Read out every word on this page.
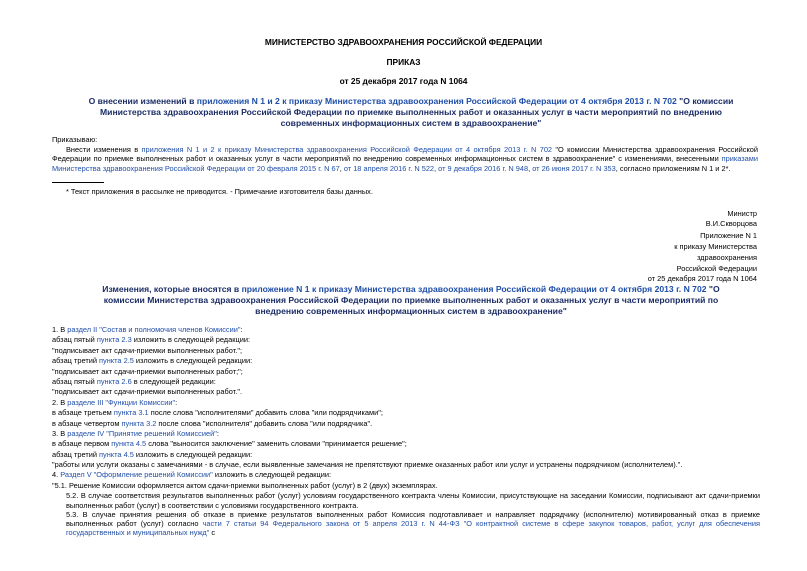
МИНИСТЕРСТВО ЗДРАВООХРАНЕНИЯ РОССИЙСКОЙ ФЕДЕРАЦИИ
ПРИКАЗ
от 25 декабря 2017 года N 1064
О внесении изменений в приложения N 1 и 2 к приказу Министерства здравоохранения Российской Федерации от 4 октября 2013 г. N 702 "О комиссии Министерства здравоохранения Российской Федерации по приемке выполненных работ и оказанных услуг в части мероприятий по внедрению современных информационных систем в здравоохранение"
Приказываю:
Внести изменения в приложения N 1 и 2 к приказу Министерства здравоохранения Российской Федерации от 4 октября 2013 г. N 702 "О комиссии Министерства здравоохранения Российской Федерации по приемке выполненных работ и оказанных услуг в части мероприятий по внедрению современных информационных систем в здравоохранение" с изменениями, внесенными приказами Министерства здравоохранения Российской Федерации от 20 февраля 2015 г. N 67, от 18 апреля 2016 г. N 522, от 9 декабря 2016 г. N 948, от 26 июня 2017 г. N 353, согласно приложениям N 1 и 2*.
* Текст приложения в рассылке не приводится. - Примечание изготовителя базы данных.
Министр
В.И.Скворцова
Приложение N 1
к приказу Министерства
здравоохранения
Российской Федерации
от 25 декабря 2017 года N 1064
Изменения, которые вносятся в приложение N 1 к приказу Министерства здравоохранения Российской Федерации от 4 октября 2013 г. N 702 "О комиссии Министерства здравоохранения Российской Федерации по приемке выполненных работ и оказанных услуг в части мероприятий по внедрению современных информационных систем в здравоохранение"
1. В раздел II "Состав и полномочия членов Комиссии":
абзац пятый пункта 2.3 изложить в следующей редакции:
"подписывает акт сдачи-приемки выполненных работ.";
абзац третий пункта 2.5 изложить в следующей редакции:
"подписывает акт сдачи-приемки выполненных работ;";
абзац пятый пункта 2.6 в следующей редакции:
"подписывает акт сдачи-приемки выполненных работ.".
2. В разделе III "Функции Комиссии":
в абзаце третьем пункта 3.1 после слова "исполнителями" добавить слова "или подрядчиками";
в абзаце четвертом пункта 3.2 после слова "исполнителя" добавить слова "или подрядчика".
3. В разделе IV "Принятие решений Комиссией":
в абзаце первом пункта 4.5 слова "выносится заключение" заменить словами "принимается решение";
абзац третий пункта 4.5 изложить в следующей редакции:
"работы или услуги оказаны с замечаниями - в случае, если выявленные замечания не препятствуют приемке оказанных работ или услуг и устранены подрядчиком (исполнителем).".
4. Раздел V "Оформление решений Комиссии" изложить в следующей редакции:
"5.1. Решение Комиссии оформляется актом сдачи-приемки выполненных работ (услуг) в 2 (двух) экземплярах.
5.2. В случае соответствия результатов выполненных работ (услуг) условиям государственного контракта члены Комиссии, присутствующие на заседании Комиссии, подписывают акт сдачи-приемки выполненных работ (услуг) в соответствии с условиями государственного контракта.
5.3. В случае принятия решения об отказе в приемке результатов выполненных работ Комиссия подготавливает и направляет подрядчику (исполнителю) мотивированный отказ в приемке выполненных работ (услуг) согласно части 7 статьи 94 Федерального закона от 5 апреля 2013 г. N 44-ФЗ "О контрактной системе в сфере закупок товаров, работ, услуг для обеспечения государственных и муниципальных нужд" с
